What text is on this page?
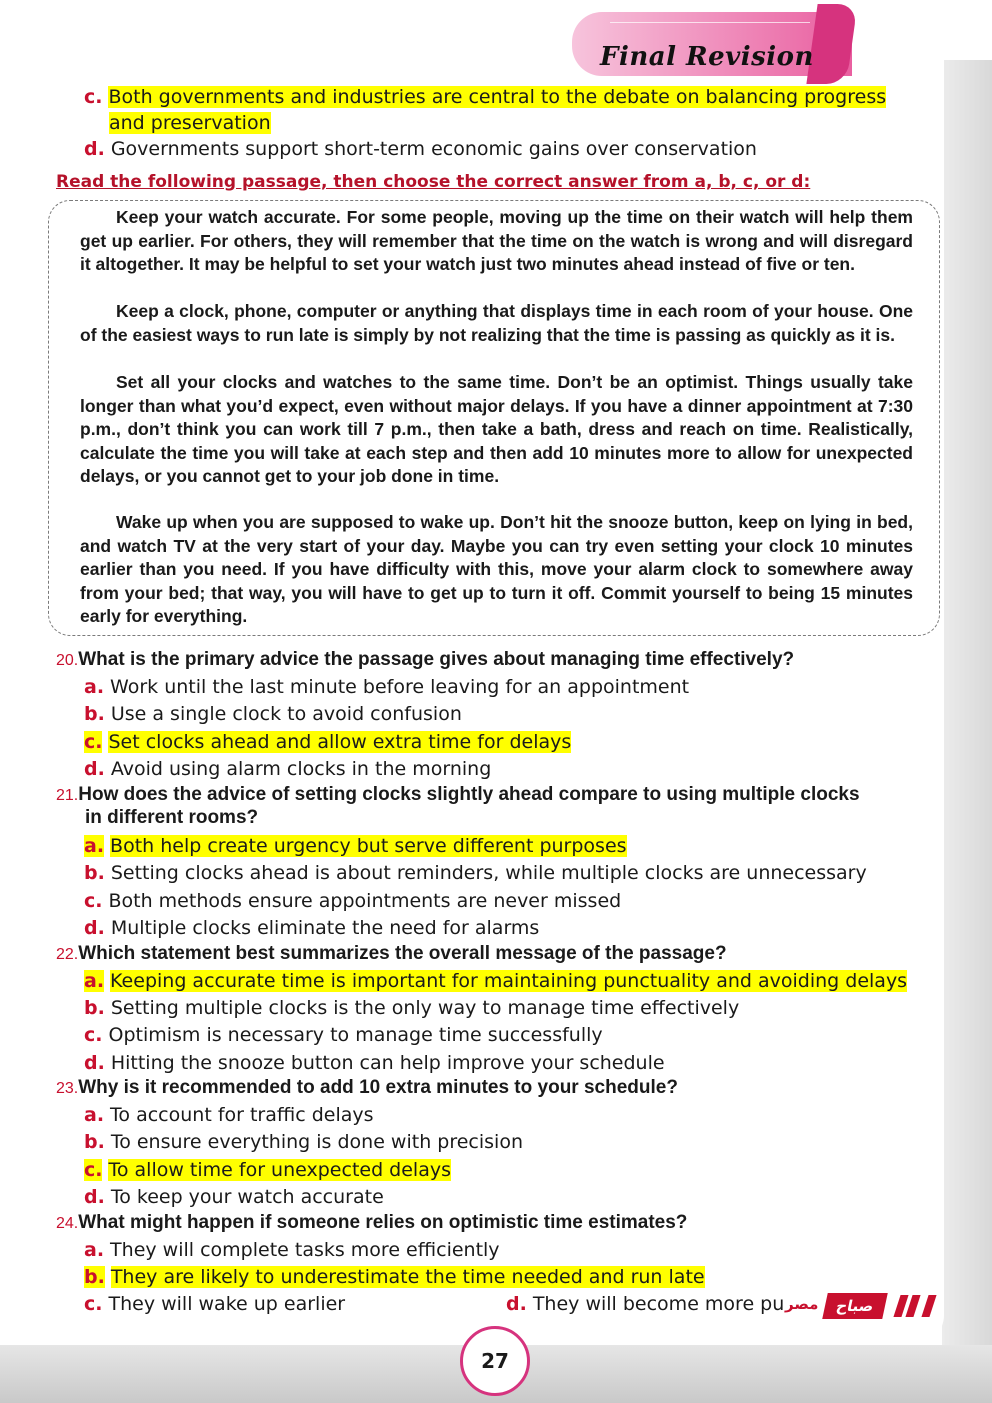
Final Revision
c. Both governments and industries are central to the debate on balancing progress
and preservation
d. Governments support short-term economic gains over conservation
Read the following passage, then choose the correct answer from a, b, c, or d:

Keep your watch accurate. For some people, moving up the time on their watch will help them get up earlier. For others, they will remember that the time on the watch is wrong and will disregard it altogether. It may be helpful to set your watch just two minutes ahead instead of five or ten.

Keep a clock, phone, computer or anything that displays time in each room of your house. One of the easiest ways to run late is simply by not realizing that the time is passing as quickly as it is.

Set all your clocks and watches to the same time. Don’t be an optimist. Things usually take longer than what you’d expect, even without major delays. If you have a dinner appointment at 7:30 p.m., don’t think you can work till 7 p.m., then take a bath, dress and reach on time. Realistically, calculate the time you will take at each step and then add 10 minutes more to allow for unexpected delays, or you cannot get to your job done in time.

Wake up when you are supposed to wake up. Don’t hit the snooze button, keep on lying in bed, and watch TV at the very start of your day. Maybe you can try even setting your clock 10 minutes earlier than you need. If you have difficulty with this, move your alarm clock to somewhere away from your bed; that way, you will have to get up to turn it off. Commit yourself to being 15 minutes early for everything.

20.What is the primary advice the passage gives about managing time effectively?
a. Work until the last minute before leaving for an appointment
b. Use a single clock to avoid confusion
c. Set clocks ahead and allow extra time for delays
d. Avoid using alarm clocks in the morning
21.How does the advice of setting clocks slightly ahead compare to using multiple clocks
in different rooms?
a. Both help create urgency but serve different purposes
b. Setting clocks ahead is about reminders, while multiple clocks are unnecessary
c. Both methods ensure appointments are never missed
d. Multiple clocks eliminate the need for alarms
22.Which statement best summarizes the overall message of the passage?
a. Keeping accurate time is important for maintaining punctuality and avoiding delays
b. Setting multiple clocks is the only way to manage time effectively
c. Optimism is necessary to manage time successfully
d. Hitting the snooze button can help improve your schedule
23.Why is it recommended to add 10 extra minutes to your schedule?
a. To account for traffic delays
b. To ensure everything is done with precision
c. To allow time for unexpected delays
d. To keep your watch accurate
24.What might happen if someone relies on optimistic time estimates?
a. They will complete tasks more efficiently
b. They are likely to underestimate the time needed and run late
c. They will wake up earlier	d. They will become more pu مصر	صباح
27
